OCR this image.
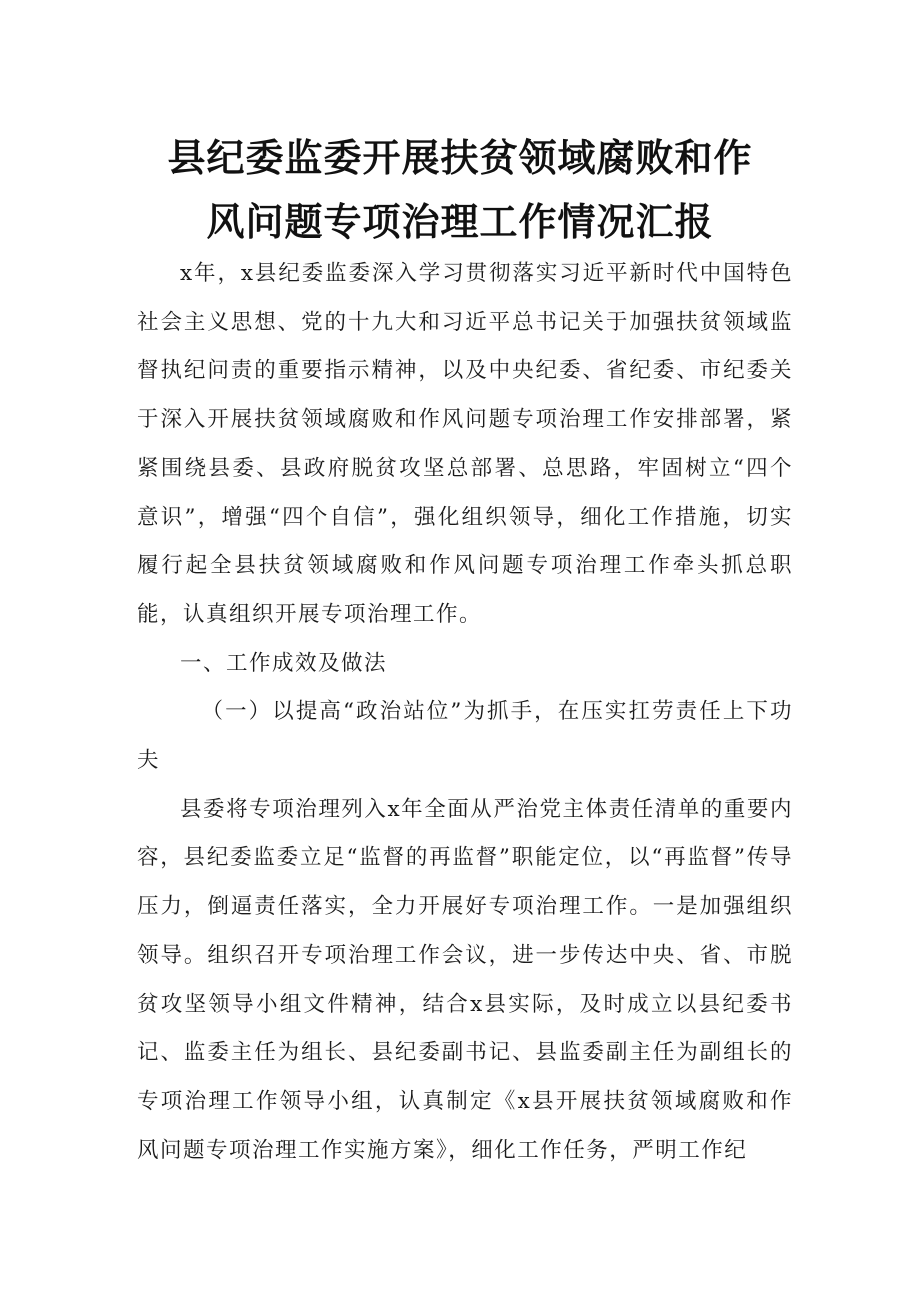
县纪委监委开展扶贫领域腐败和作
风问题专项治理工作情况汇报

x年，x县纪委监委深入学习贯彻落实习近平新时代中国特色社会主义思想、党的十九大和习近平总书记关于加强扶贫领域监督执纪问责的重要指示精神，以及中央纪委、省纪委、市纪委关于深入开展扶贫领域腐败和作风问题专项治理工作安排部署，紧紧围绕县委、县政府脱贫攻坚总部署、总思路，牢固树立“四个意识”，增强“四个自信”，强化组织领导，细化工作措施，切实履行起全县扶贫领域腐败和作风问题专项治理工作牵头抓总职能，认真组织开展专项治理工作。

一、工作成效及做法

（一）以提高“政治站位”为抓手，在压实扛劳责任上下功夫

县委将专项治理列入x年全面从严治党主体责任清单的重要内容，县纪委监委立足“监督的再监督”职能定位，以“再监督”传导压力，倒逼责任落实，全力开展好专项治理工作。一是加强组织领导。组织召开专项治理工作会议，进一步传达中央、省、市脱贫攻坚领导小组文件精神，结合x县实际，及时成立以县纪委书记、监委主任为组长、县纪委副书记、县监委副主任为副组长的专项治理工作领导小组，认真制定《x县开展扶贫领域腐败和作风问题专项治理工作实施方案》，细化工作任务，严明工作纪
